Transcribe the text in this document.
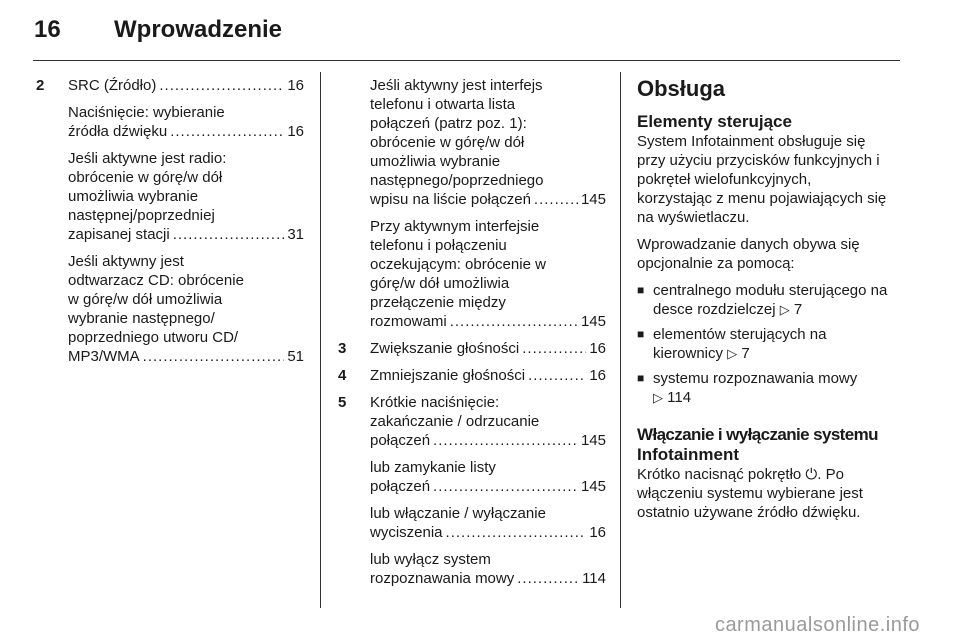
16	Wprowadzenie
2	SRC (Źródło) .....	16
Naciśnięcie: wybieranie
źródła dźwięku .....	16
Jeśli aktywne jest radio:
obrócenie w górę/w dół
umożliwia wybranie
następnej/poprzedniej
zapisanej stacji .....	31
Jeśli aktywny jest
odtwarzacz CD: obrócenie
w górę/w dół umożliwia
wybranie następnego/
poprzedniego utworu CD/
MP3/WMA .....	51
Jeśli aktywny jest interfejs
telefonu i otwarta lista
połączeń (patrz poz. 1):
obrócenie w górę/w dół
umożliwia wybranie
następnego/poprzedniego
wpisu na liście połączeń .....	145
Przy aktywnym interfejsie
telefonu i połączeniu
oczekującym: obrócenie w
górę/w dół umożliwia
przełączenie między
rozmowami .....	145
3	Zwiększanie głośności .....	16
4	Zmniejszanie głośności .....	16
5	Krótkie naciśnięcie:
zakańczanie / odrzucanie
połączeń .....	145
lub zamykanie listy
połączeń .....	145
lub włączanie / wyłączanie
wyciszenia .....	16
lub wyłącz system
rozpoznawania mowy .....	114
Obsługa
Elementy sterujące
System Infotainment obsługuje się
przy użyciu przycisków funkcyjnych i
pokręteł wielofunkcyjnych,
korzystając z menu pojawiających się
na wyświetlaczu.
Wprowadzanie danych obywa się
opcjonalnie za pomocą:
■ centralnego modułu sterującego na
desce rozdzielczej ▷ 7
■ elementów sterujących na
kierownicy ▷ 7
■ systemu rozpoznawania mowy
▷ 114
Włączanie i wyłączanie systemu
Infotainment
Krótko nacisnąć pokrętło ⏻. Po
włączeniu systemu wybierane jest
ostatnio używane źródło dźwięku.
carmanualsonline.info
